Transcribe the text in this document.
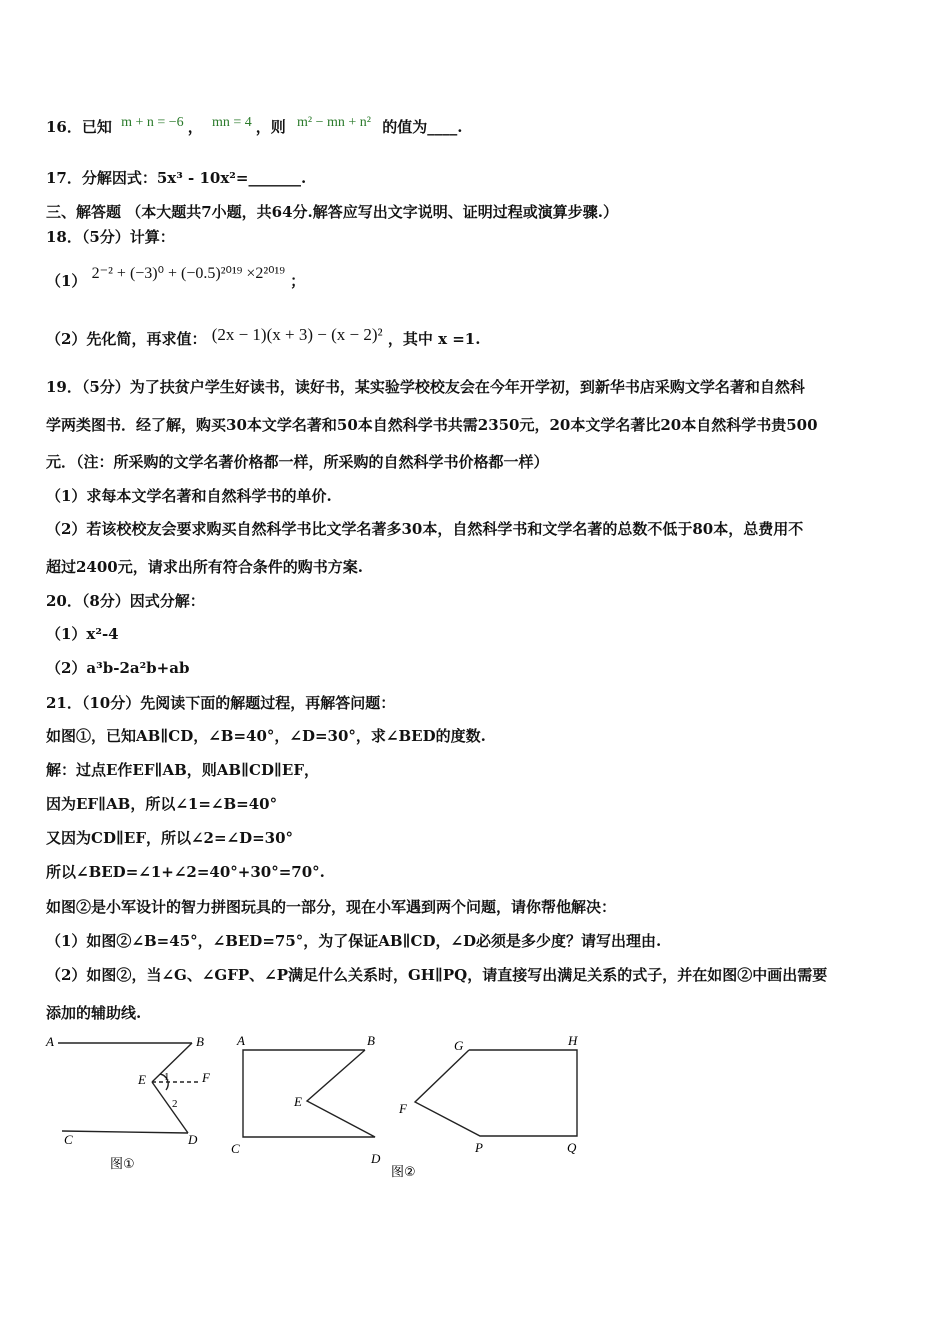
16．已知 m + n = −6 ， mn = 4 ，则 m² − mn + n² 的值为____.
17．分解因式：5x³ - 10x²=_______.
三、解答题 （本大题共7小题，共64分.解答应写出文字说明、证明过程或演算步骤.）
18．（5分）计算：
（1） 2⁻² + (−3)⁰ + (−0.5)²⁰¹⁹ ×2²⁰¹⁹ ；
（2）先化简，再求值： (2x − 1)(x + 3) − (x − 2)² ，其中 x =1.
19．（5分）为了扶贫户学生好读书，读好书，某实验学校校友会在今年开学初，到新华书店采购文学名著和自然科
学两类图书．经了解，购买30本文学名著和50本自然科学书共需2350元，20本文学名著比20本自然科学书贵500
元．（注：所采购的文学名著价格都一样，所采购的自然科学书价格都一样）
（1）求每本文学名著和自然科学书的单价.
（2）若该校校友会要求购买自然科学书比文学名著多30本，自然科学书和文学名著的总数不低于80本，总费用不
超过2400元，请求出所有符合条件的购书方案.
20．（8分）因式分解：
（1）x²-4
（2）a³b-2a²b+ab
21．（10分）先阅读下面的解题过程，再解答问题：
如图①，已知AB∥CD，∠B=40°，∠D=30°，求∠BED的度数.
解：过点E作EF∥AB，则AB∥CD∥EF，
因为EF∥AB，所以∠1=∠B=40°
又因为CD∥EF，所以∠2=∠D=30°
所以∠BED=∠1+∠2=40°+30°=70°.
如图②是小军设计的智力拼图玩具的一部分，现在小军遇到两个问题，请你帮他解决：
（1）如图②∠B=45°，∠BED=75°，为了保证AB∥CD，∠D必须是多少度？请写出理由.
（2）如图②，当∠G、∠GFP、∠P满足什么关系时，GH∥PQ，请直接写出满足关系的式子，并在如图②中画出需要
添加的辅助线.
A	B
E	F
C	D
1
2
图①
A	B
E
C
D
G	H
F
P	Q
图②
